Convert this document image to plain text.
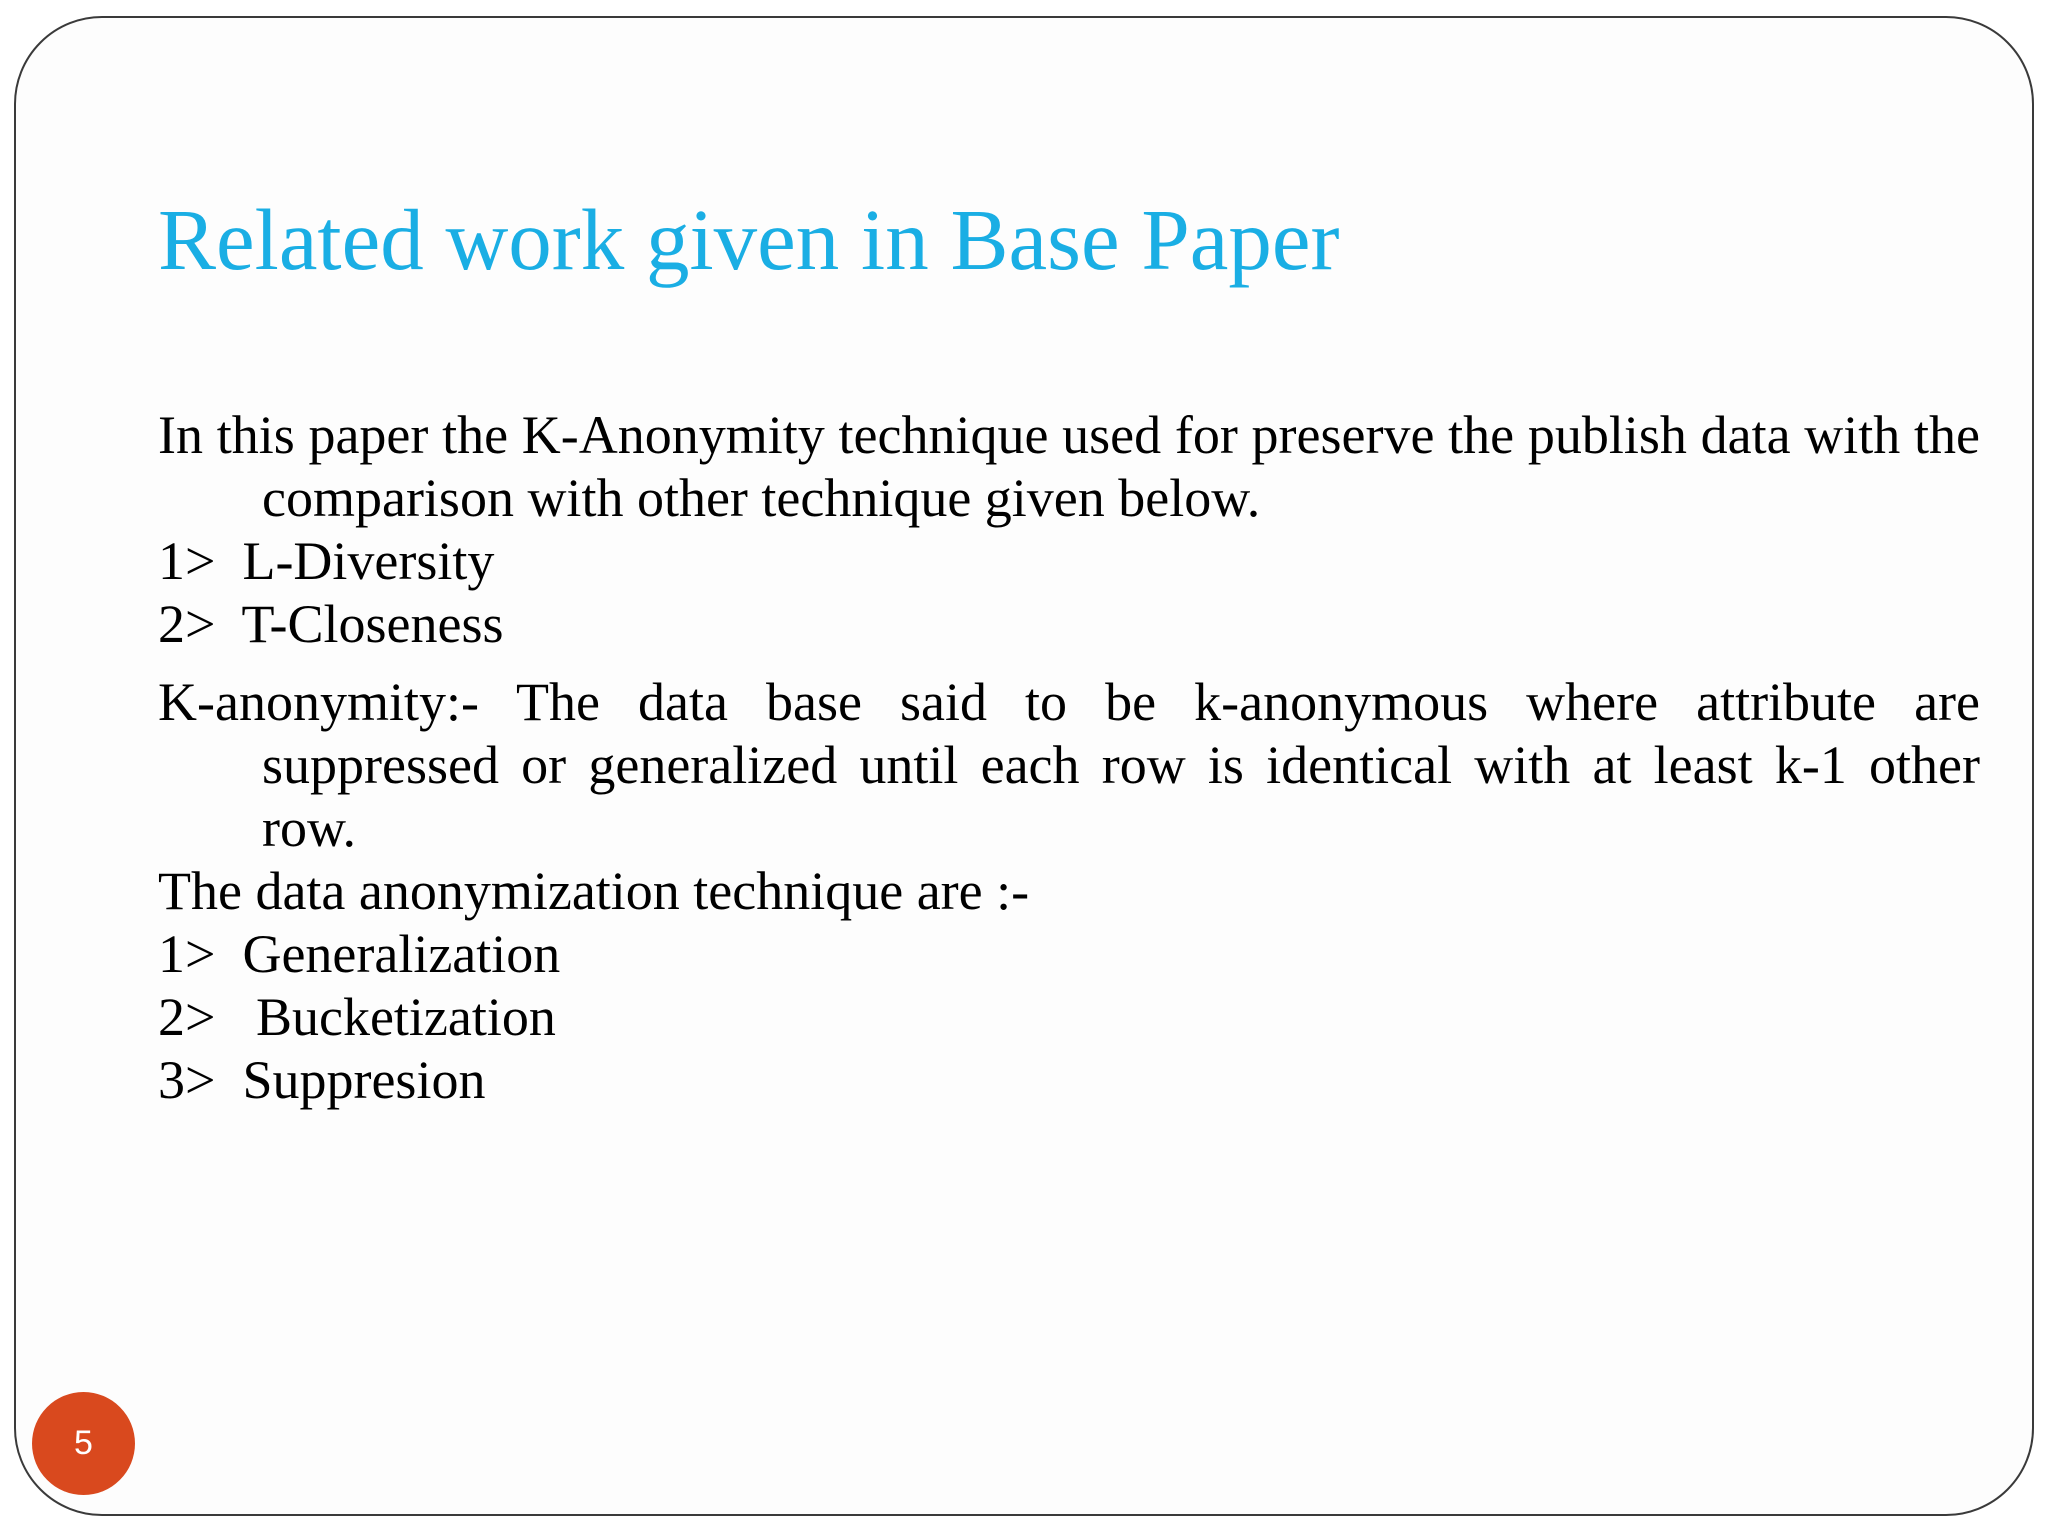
Related work given in Base Paper

In this paper the K-Anonymity technique used for preserve the publish data with the comparison with other technique given below.

1>  L-Diversity

2>  T-Closeness

K-anonymity:- The data base said to be k-anonymous where attribute are suppressed or generalized until each row is identical with at least k-1 other row.

The data anonymization technique are :-

1>  Generalization

2>   Bucketization

3>  Suppresion

5
